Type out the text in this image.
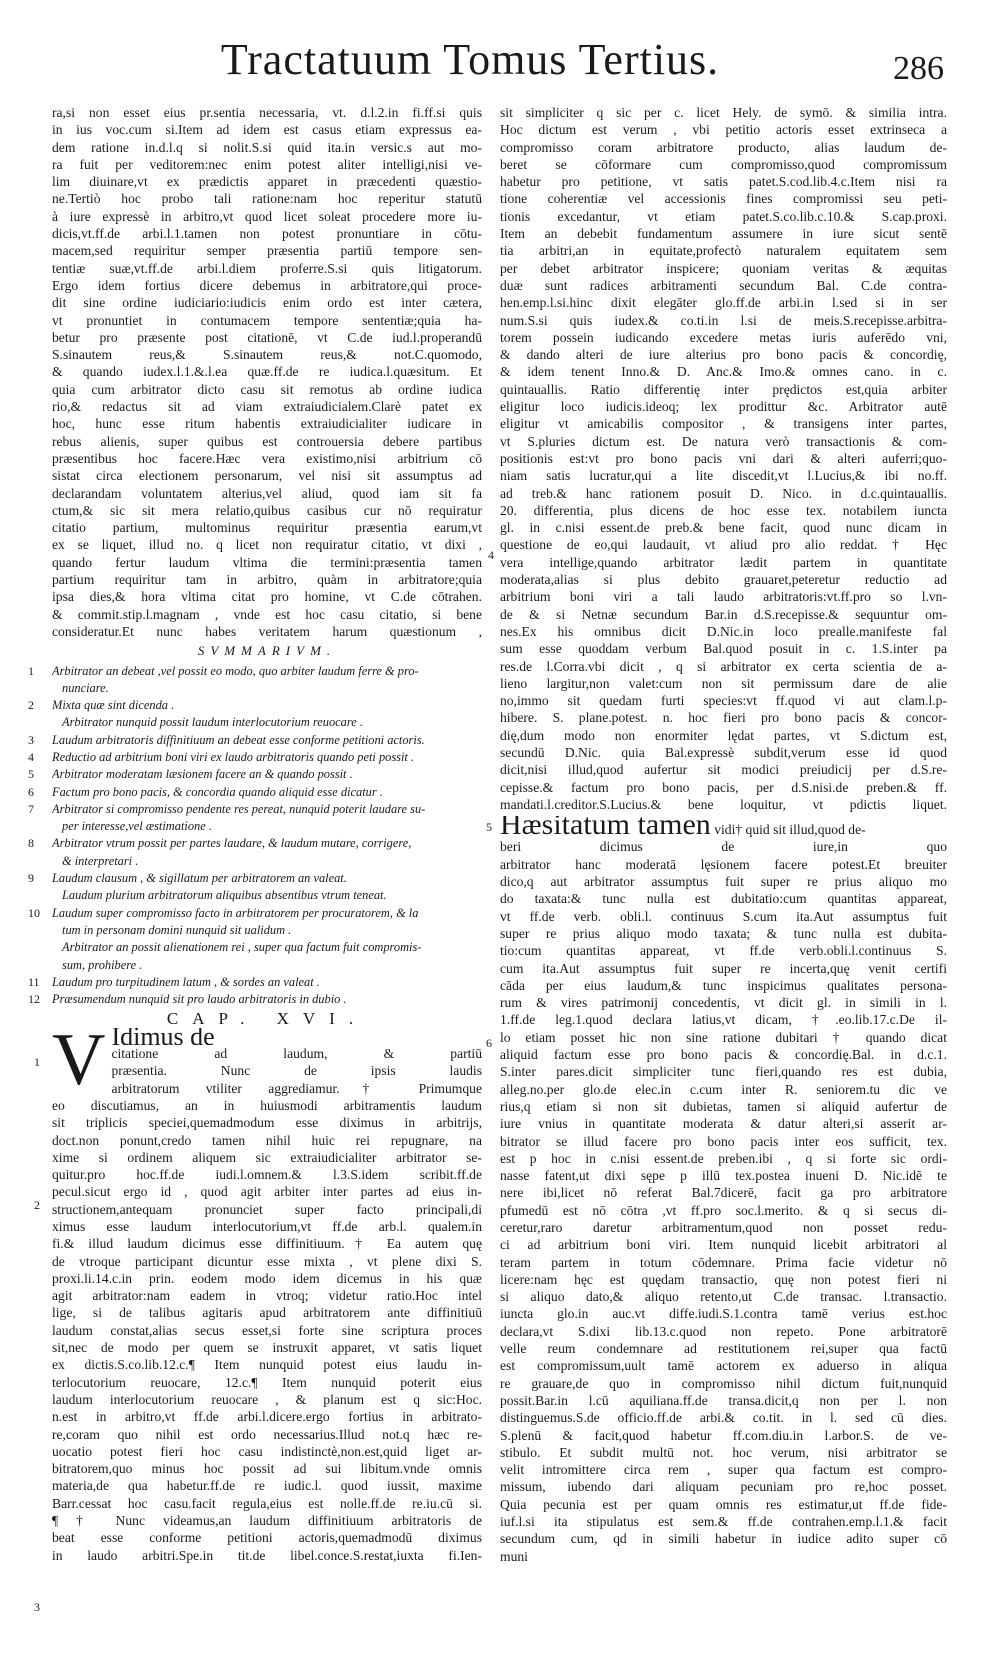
Tractatuum Tomus Tertius.	286
ra,si non esset eius pr.sentia necessaria, vt. d.l.2.in fi.ff.si quis
in ius voc.cum si.Item ad idem est casus etiam expressus ea-
dem ratione in.d.l.q si nolit.S.si quid ita.in versic.s aut mo-
ra fuit per veditorem:nec enim potest aliter intelligi,nisi ve-
lim diuinare,vt ex prædictis apparet in præcedenti quæstio-
ne.Tertiò hoc probo tali ratione:nam hoc reperitur statutū
à iure expressè in arbitro,vt quod licet soleat procedere more iu-
dicis,vt.ff.de arbi.l.1.tamen non potest pronuntiare in cōtu-
macem,sed requiritur semper præsentia partiū tempore sen-
tentiæ suæ,vt.ff.de arbi.l.diem proferre.S.si quis litigatorum.
Ergo idem fortius dicere debemus in arbitratore,qui proce-
dit sine ordine iudiciario:iudicis enim ordo est inter cætera,
vt pronuntiet in contumacem tempore sententiæ;quia ha-
betur pro præsente post citationē, vt C.de iud.l.properandū
S.sinautem reus,& S.sinautem reus,& not.C.quomodo,
& quando iudex.l.1.&.l.ea quæ.ff.de re iudica.l.quæsitum. Et
quia cum arbitrator dicto casu sit remotus ab ordine iudica
rio,& redactus sit ad viam extraiudicialem.Clarè patet ex
hoc, hunc esse ritum habentis extraiudicialiter iudicare in
rebus alienis, super quibus est controuersia debere partibus
præsentibus hoc facere.Hæc vera existimo,nisi arbitrium cō
sistat circa electionem personarum, vel nisi sit assumptus ad
declarandam voluntatem alterius,vel aliud, quod iam sit fa
ctum,& sic sit mera relatio,quibus casibus cur nō requiratur
citatio partium, multominus requiritur præsentia earum,vt
ex se liquet, illud no. q licet non requiratur citatio, vt dixi ,
quando fertur laudum vltima die termini:præsentia tamen
partium requiritur tam in arbitro, quàm in arbitratore;quia
ipsa dies,& hora vltima citat pro homine, vt C.de cōtrahen.
& commit.stip.l.magnam , vnde est hoc casu citatio, si bene
consideratur.Et nunc habes veritatem harum quæstionum ,
SVMMARIVM.
1 Arbitrator an debeat ,vel possit eo modo, quo arbiter laudum ferre & pro-
nunciare.
2 Mixta quæ sint dicenda .
Arbitrator nunquid possit laudum interlocutorium reuocare .
3 Laudum arbitratoris diffinitiuum an debeat esse conforme petitioni actoris.
4 Reductio ad arbitrium boni viri ex laudo arbitratoris quando peti possit .
5 Arbitrator moderatam læsionem facere an & quando possit .
6 Factum pro bono pacis, & concordia quando aliquid esse dicatur .
7 Arbitrator si compromisso pendente res pereat, nunquid poterit laudare su-
per interesse,vel æstimatione .
8 Arbitrator vtrum possit per partes laudare, & laudum mutare, corrigere,
& interpretari .
9 Laudum clausum , & sigillatum per arbitratorem an valeat.
Laudum plurium arbitratorum aliquibus absentibus vtrum teneat.
10 Laudum super compromisso facto in arbitratorem per procuratorem, & la
tum in personam domini nunquid sit ualidum .
Arbitrator an possit alienationem rei , super qua factum fuit compromis-
sum, prohibere .
11 Laudum pro turpitudinem latum , & sordes an valeat .
12 Præsumendum nunquid sit pro laudo arbitratoris in dubio .
CAP. XVI.
V Idimus de
citatione ad laudum, & partiū
præsentia. Nunc de ipsis laudis
arbitratorum vtiliter aggrediamur.† Primumque
eo discutiamus, an in huiusmodi arbitramentis laudum
sit triplicis speciei,quemadmodum esse diximus in arbitrijs,
doct.non ponunt,credo tamen nihil huic rei repugnare, na
xime si ordinem aliquem sic extraiudicialiter arbitrator se-
quitur.pro hoc.ff.de iudi.l.omnem.& l.3.S.idem scribit.ff.de
pecul.sicut ergo id , quod agit arbiter inter partes ad eius in-
structionem,antequam pronunciet super facto principali,di
ximus esse laudum interlocutorium,vt ff.de arb.l. qualem.in
fi.& illud laudum dicimus esse diffinitiuum.† Ea autem quę
de vtroque participant dicuntur esse mixta , vt plene dixi S.
proxi.li.14.c.in prin. eodem modo idem dicemus in his quæ
agit arbitrator:nam eadem in vtroq; videtur ratio.Hoc intel
lige, si de talibus agitaris apud arbitratorem ante diffinitiuū
laudum constat,alias secus esset,si forte sine scriptura proces
sit,nec de modo per quem se instruxit apparet, vt satis liquet
ex dictis.S.co.lib.12.c.¶ Item nunquid potest eius laudu in-
terlocutorium reuocare, 12.c.¶ Item nunquid poterit eius
laudum interlocutorium reuocare , & planum est q sic:Hoc.
n.est in arbitro,vt ff.de arbi.l.dicere.ergo fortius in arbitrato-
re,coram quo nihil est ordo necessarius.Illud not.q hæc re-
uocatio potest fieri hoc casu indistinctè,non.est,quid liget ar-
bitratorem,quo minus hoc possit ad sui libitum.vnde omnis
materia,de qua habetur.ff.de re iudic.l. quod iussit, maxime
Barr.cessat hoc casu.facit regula,eius est nolle.ff.de re.iu.cū si.
¶ † Nunc videamus,an laudum diffinitiuum arbitratoris de
beat esse conforme petitioni actoris,quemadmodū diximus
in laudo arbitri.Spe.in tit.de libel.conce.S.restat,iuxta fi.Ien-
sit simpliciter q sic per c. licet Hely. de symō. & similia intra.
Hoc dictum est verum , vbi petitio actoris esset extrinseca a
compromisso coram arbitratore producto, alias laudum de-
beret se cōformare cum compromisso,quod compromissum
habetur pro petitione, vt satis patet.S.cod.lib.4.c.Item nisi ra
tione coherentiæ vel accessionis fines compromissi seu peti-
tionis excedantur, vt etiam patet.S.co.lib.c.10.& S.cap.proxi.
Item an debebit fundamentum assumere in iure sicut sentē
tia arbitri,an in equitate,profectò naturalem equitatem sem
per debet arbitrator inspicere; quoniam veritas & æquitas
duæ sunt radices arbitramenti secundum Bal. C.de contra-
hen.emp.l.si.hinc dixit elegāter glo.ff.de arbi.in l.sed si in ser
num.S.si quis iudex.& co.ti.in l.si de meis.S.recepisse.arbitra-
torem possein iudicando excedere metas iuris auferēdo vni,
& dando alteri de iure alterius pro bono pacis & concordię,
& idem tenent Inno.& D. Anc.& Imo.& omnes cano. in c.
quintauallis. Ratio differentię inter prędictos est,quia arbiter
eligitur loco iudicis.ideoq; lex prodittur &c. Arbitrator autē
eligitur vt amicabilis compositor , & transigens inter partes,
vt S.pluries dictum est. De natura verò transactionis & com-
positionis est:vt pro bono pacis vni dari & alteri auferri;quo-
niam satis lucratur,qui a lite discedit,vt l.Lucius,& ibi no.ff.
ad treb.& hanc rationem posuit D. Nico. in d.c.quintauallis.
20. differentia, plus dicens de hoc esse tex. notabilem iuncta
gl. in c.nisi essent.de preb.& bene facit, quod nunc dicam in
questione de eo,qui laudauit, vt aliud pro alio reddat. † Hęc
vera intellige,quando arbitrator lædit partem in quantitate
moderata,alias si plus debito grauaret,peteretur reductio ad
arbitrium boni viri a tali laudo arbitratoris:vt.ff.pro so l.vn-
de & si Netnæ secundum Bar.in d.S.recepisse.& sequuntur om-
nes.Ex his omnibus dicit D.Nic.in loco prealle.manifeste fal
sum esse quoddam verbum Bal.quod posuit in c. 1.S.inter pa
res.de l.Corra.vbi dicit , q si arbitrator ex certa scientia de a-
lieno largitur,non valet:cum non sit permissum dare de alie
no,immo sit quedam furti species:vt ff.quod vi aut clam.l.p-
hibere. S. plane.potest. n. hoc fieri pro bono pacis & concor-
dię,dum modo non enormiter lędat partes, vt S.dictum est,
secundū D.Nic. quia Bal.expressè subdit,verum esse id quod
dicit,nisi illud,quod aufertur sit modici preiudicij per d.S.re-
cepisse.& factum pro bono pacis, per d.S.nisi.de preben.& ff.
mandati.l.creditor.S.Lucius.& bene loquitur, vt pdictis liquet.
Hæsitatum tamen vidi† quid sit illud,quod de-
beri dicimus de iure,in quo
arbitrator hanc moderatā lęsionem facere potest.Et breuiter
dico,q aut arbitrator assumptus fuit super re prius aliquo mo
do taxata:& tunc nulla est dubitatio:cum quantitas appareat,
vt ff.de verb. obli.l. continuus S.cum ita.Aut assumptus fuit
super re prius aliquo modo taxata; & tunc nulla est dubita-
tio:cum quantitas appareat, vt ff.de verb.obli.l.continuus S.
cum ita.Aut assumptus fuit super re incerta,quę venit certifi
cāda per eius laudum,& tunc inspicimus qualitates persona-
rum & vires patrimonij concedentis, vt dicit gl. in simili in l.
1.ff.de leg.1.quod declara latius,vt dicam, †.eo.lib.17.c.De il-
lo etiam posset hic non sine ratione dubitari † quando dicat
aliquid factum esse pro bono pacis & concordię.Bal. in d.c.1.
S.inter pares.dicit simpliciter tunc fieri,quando res est dubia,
alleg.no.per glo.de elec.in c.cum inter R. seniorem.tu dic ve
rius,q etiam si non sit dubietas, tamen si aliquid aufertur de
iure vnius in quantitate moderata & datur alteri,si asserit ar-
bitrator se illud facere pro bono pacis inter eos sufficit, tex.
est p hoc in c.nisi essent.de preben.ibi , q si forte sic ordi-
nasse fatent,ut dixi sępe p illū tex.postea inueni D. Nic.idē te
nere ibi,licet nō referat Bal.7dicerē, facit ga pro arbitratore
pfumedū est nō cōtra ,vt ff.pro soc.l.merito. & q si secus di-
ceretur,raro daretur arbitramentum,quod non posset redu-
ci ad arbitrium boni viri. Item nunquid licebit arbitratori al
teram partem in totum cōdemnare. Prima facie videtur nō
licere:nam hęc est quędam transactio, quę non potest fieri ni
si aliquo dato,& aliquo retento,ut C.de transac. l.transactio.
iuncta glo.in auc.vt diffe.iudi.S.1.contra tamē verius est.hoc
declara,vt S.dixi lib.13.c.quod non repeto. Pone arbitratorē
velle reum condemnare ad restitutionem rei,super qua factū
est compromissum,uult tamē actorem ex aduerso in aliqua
re grauare,de quo in compromisso nihil dictum fuit,nunquid
possit.Bar.in l.cū aquiliana.ff.de transa.dicit,q non per l. non
distinguemus.S.de officio.ff.de arbi.& co.tit. in l. sed cū dies.
S.plenū & facit,quod habetur ff.com.diu.in l.arbor.S. de ve-
stibulo. Et subdit multū not. hoc verum, nisi arbitrator se
velit intromittere circa rem , super qua factum est compro-
missum, iubendo dari aliquam pecuniam pro re,hoc posset.
Quia pecunia est per quam omnis res estimatur,ut ff.de fide-
iuf.l.si ita stipulatus est sem.& ff.de contrahen.emp.l.1.& facit
secundum cum, qd in simili habetur in iudice adito super cō
muni
4
1
2
3
5
6
